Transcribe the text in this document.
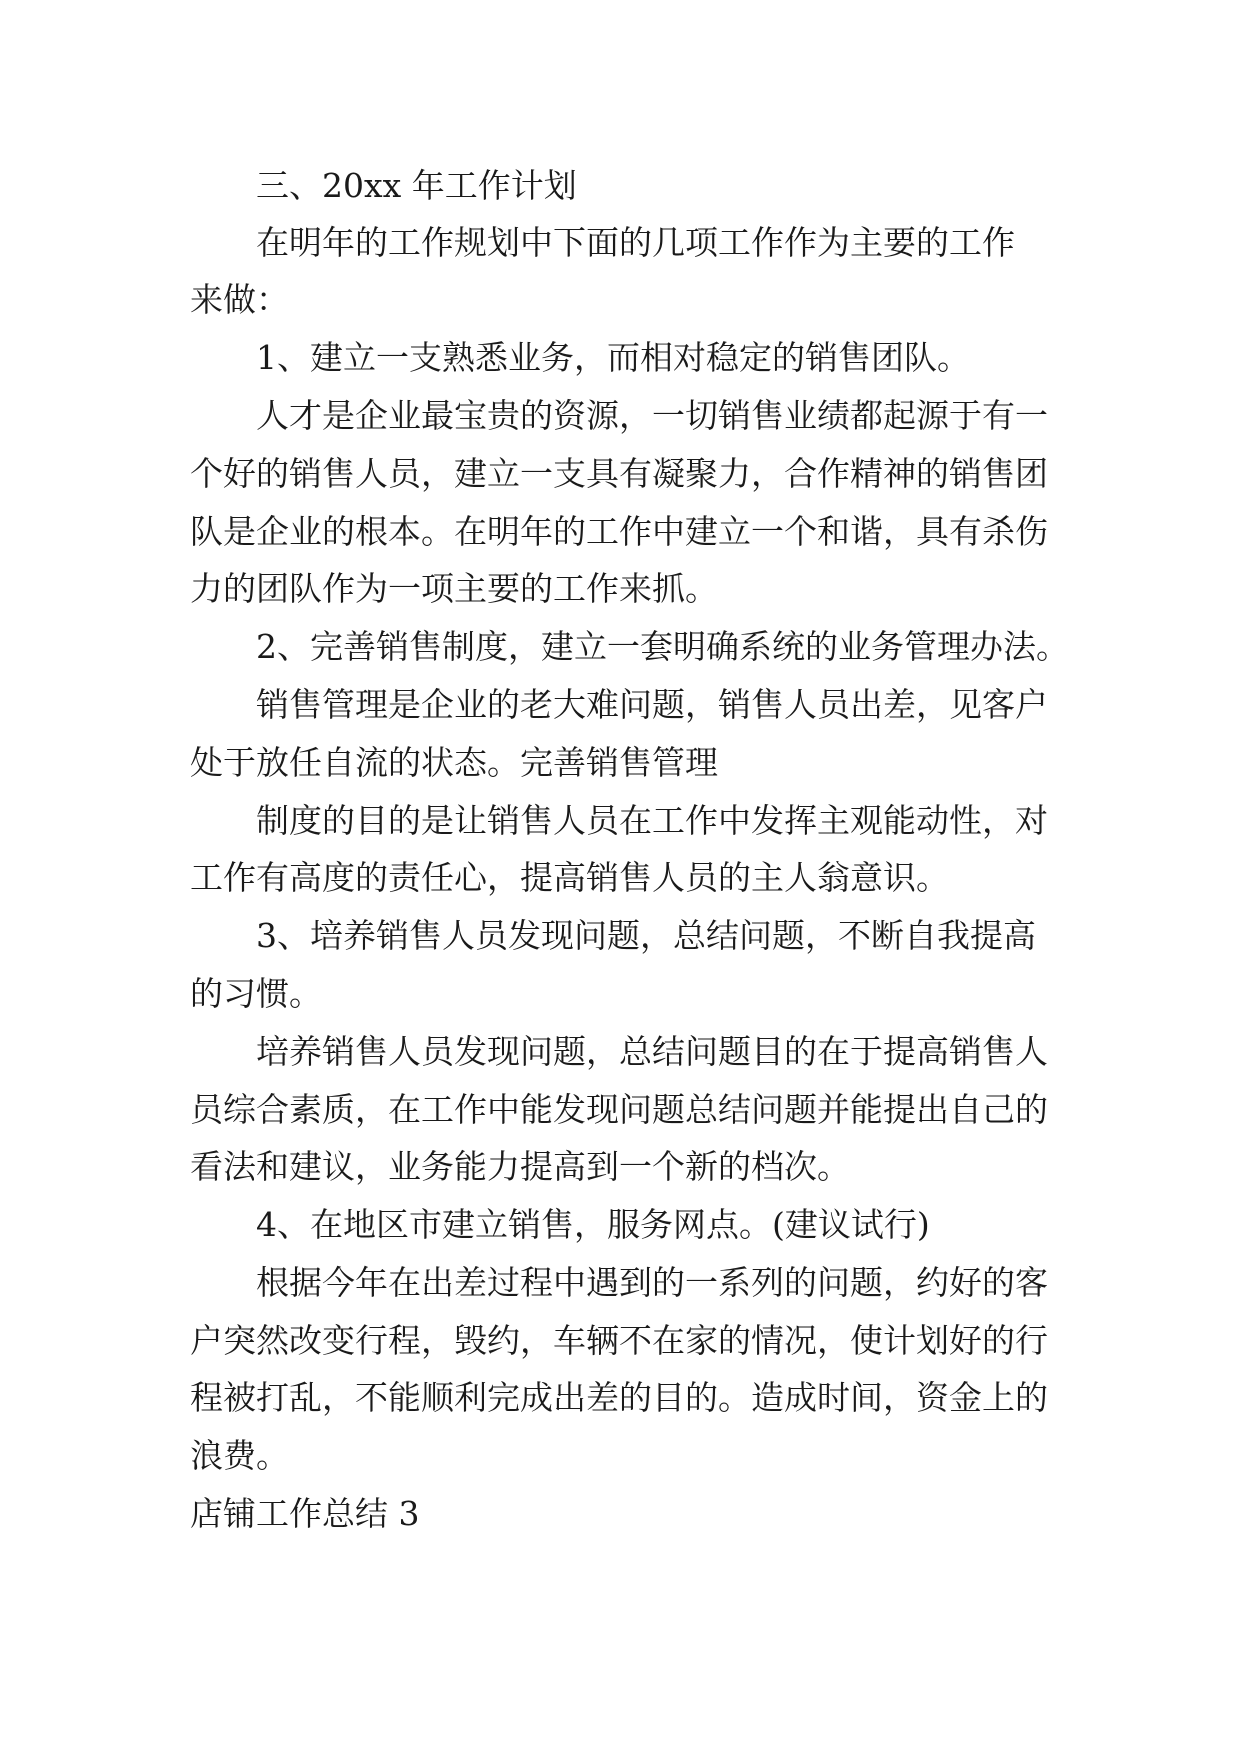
三、20xx 年工作计划
在明年的工作规划中下面的几项工作作为主要的工作
来做：
1、建立一支熟悉业务，而相对稳定的销售团队。
人才是企业最宝贵的资源，一切销售业绩都起源于有一
个好的销售人员，建立一支具有凝聚力，合作精神的销售团
队是企业的根本。在明年的工作中建立一个和谐，具有杀伤
力的团队作为一项主要的工作来抓。
2、完善销售制度，建立一套明确系统的业务管理办法。
销售管理是企业的老大难问题，销售人员出差，见客户
处于放任自流的状态。完善销售管理
制度的目的是让销售人员在工作中发挥主观能动性，对
工作有高度的责任心，提高销售人员的主人翁意识。
3、培养销售人员发现问题，总结问题，不断自我提高
的习惯。
培养销售人员发现问题，总结问题目的在于提高销售人
员综合素质，在工作中能发现问题总结问题并能提出自己的
看法和建议，业务能力提高到一个新的档次。
4、在地区市建立销售，服务网点。(建议试行)
根据今年在出差过程中遇到的一系列的问题，约好的客
户突然改变行程，毁约，车辆不在家的情况，使计划好的行
程被打乱，不能顺利完成出差的目的。造成时间，资金上的
浪费。
店铺工作总结 3
